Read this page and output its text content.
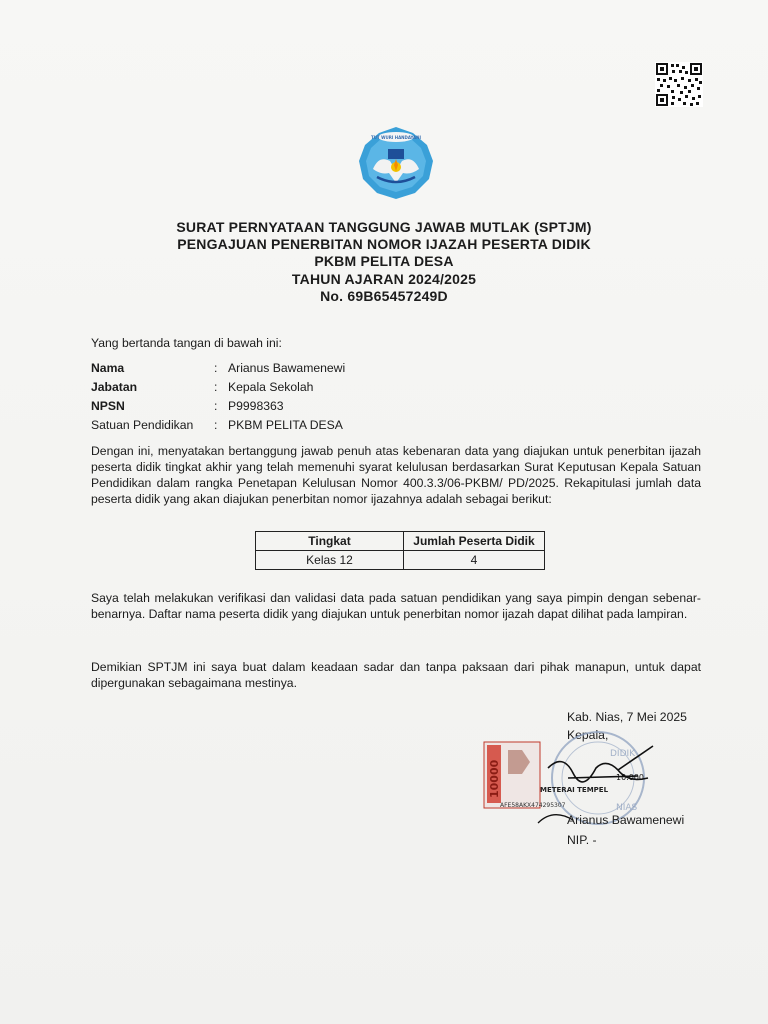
TUT WURI HANDAYANI
SURAT PERNYATAAN TANGGUNG JAWAB MUTLAK (SPTJM)
PENGAJUAN PENERBITAN NOMOR IJAZAH PESERTA DIDIK
PKBM PELITA DESA
TAHUN AJARAN 2024/2025
No. 69B65457249D
Yang bertanda tangan di bawah ini:
Nama	: Arianus Bawamenewi
Jabatan	: Kepala Sekolah
NPSN	: P9998363
Satuan Pendidikan	: PKBM PELITA DESA
Dengan ini, menyatakan bertanggung jawab penuh atas kebenaran data yang diajukan untuk penerbitan ijazah peserta didik tingkat akhir yang telah memenuhi syarat kelulusan berdasarkan Surat Keputusan Kepala Satuan Pendidikan dalam rangka Penetapan Kelulusan Nomor 400.3.3/06-PKBM/ PD/2025. Rekapitulasi jumlah data peserta didik yang akan diajukan penerbitan nomor ijazahnya adalah sebagai berikut:
Tingkat	Jumlah Peserta Didik
Kelas 12	4
Saya telah melakukan verifikasi dan validasi data pada satuan pendidikan yang saya pimpin dengan sebenar-benarnya. Daftar nama peserta didik yang diajukan untuk penerbitan nomor ijazah dapat dilihat pada lampiran.
Demikian SPTJM ini saya buat dalam keadaan sadar dan tanpa paksaan dari pihak manapun, untuk dapat dipergunakan sebagaimana mestinya.
Kab. Nias, 7 Mei 2025
Kepala,
DIDIK
NIAS
10000	METERAI TEMPEL
AFE58AKX474295307
10.000
Arianus Bawamenewi
NIP. -
